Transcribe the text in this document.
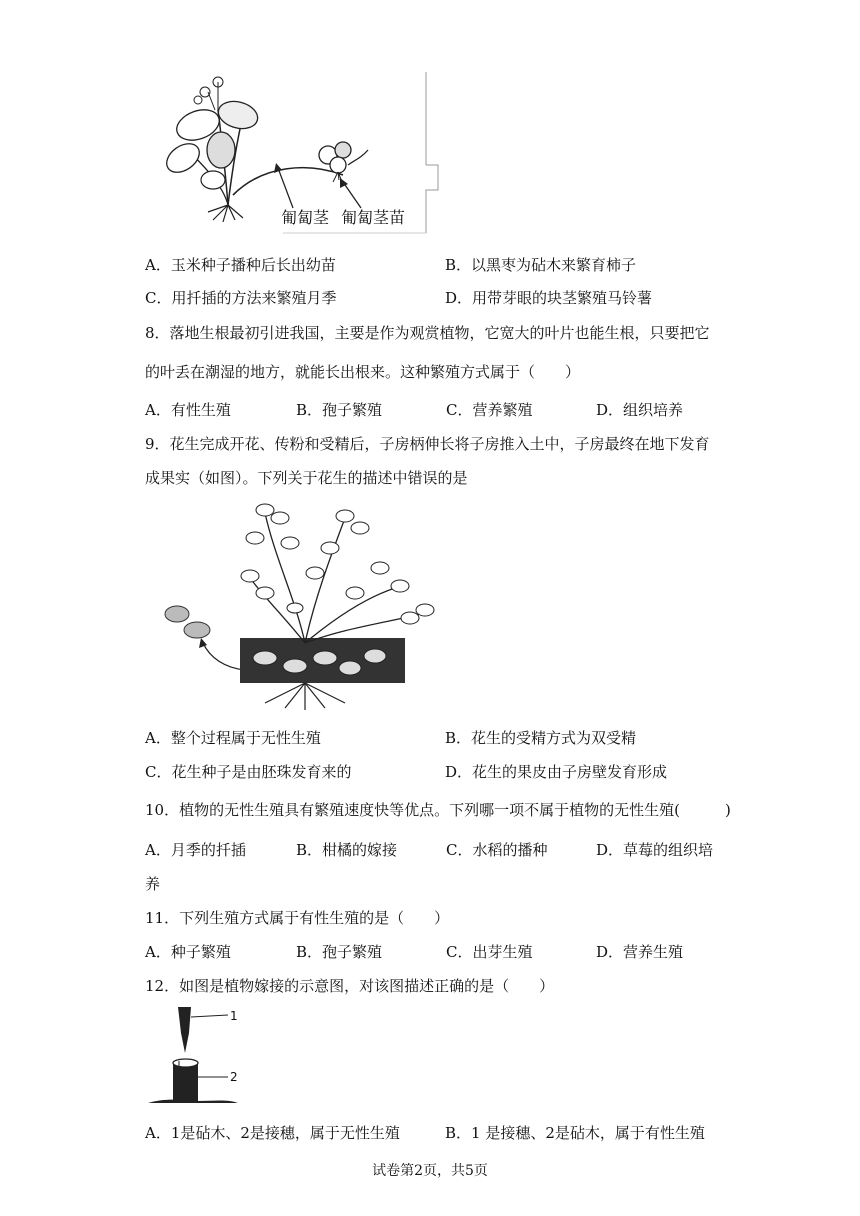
匍匐茎 匍匐茎苗
A．玉米种子播种后长出幼苗	B．以黑枣为砧木来繁育柿子
C．用扦插的方法来繁殖月季	D．用带芽眼的块茎繁殖马铃薯
8．落地生根最初引进我国，主要是作为观赏植物，它宽大的叶片也能生根，只要把它
的叶丢在潮湿的地方，就能长出根来。这种繁殖方式属于（　　）
A．有性生殖	B．孢子繁殖	C．营养繁殖	D．组织培养
9．花生完成开花、传粉和受精后，子房柄伸长将子房推入土中，子房最终在地下发育
成果实（如图）。下列关于花生的描述中错误的是
A．整个过程属于无性生殖	B．花生的受精方式为双受精
C．花生种子是由胚珠发育来的	D．花生的果皮由子房壁发育形成
10．植物的无性生殖具有繁殖速度快等优点。下列哪一项不属于植物的无性生殖(　　　)
A．月季的扦插	B．柑橘的嫁接	C．水稻的播种	D．草莓的组织培
养
11．下列生殖方式属于有性生殖的是（　　）
A．种子繁殖	B．孢子繁殖	C．出芽生殖	D．营养生殖
12．如图是植物嫁接的示意图，对该图描述正确的是（　　）
1
2
A．1是砧木、2是接穗，属于无性生殖	B．1 是接穗、2是砧木，属于有性生殖
试卷第2页，共5页
